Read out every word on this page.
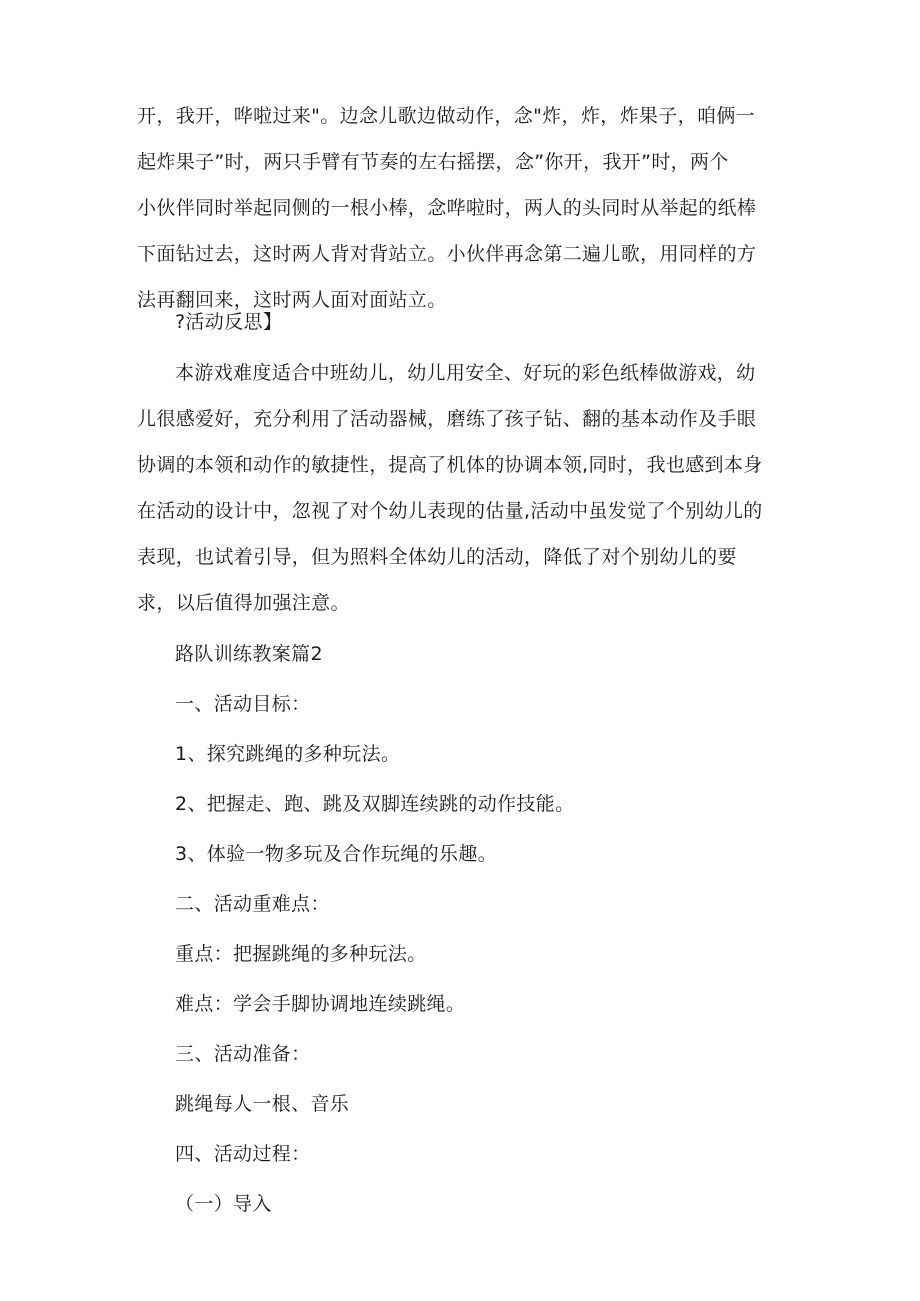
开，我开，哗啦过来"。边念儿歌边做动作，念"炸，炸，炸果子，咱俩一
起炸果子”时，两只手臂有节奏的左右摇摆，念”你开，我开”时，两个
小伙伴同时举起同侧的一根小棒，念哗啦时，两人的头同时从举起的纸棒
下面钻过去，这时两人背对背站立。小伙伴再念第二遍儿歌，用同样的方
法再翻回来，这时两人面对面站立。
?活动反思】
本游戏难度适合中班幼儿，幼儿用安全、好玩的彩色纸棒做游戏，幼
儿很感爱好，充分利用了活动器械，磨练了孩子钻、翻的基本动作及手眼
协调的本领和动作的敏捷性，提高了机体的协调本领,同时，我也感到本身
在活动的设计中，忽视了对个幼儿表现的估量,活动中虽发觉了个别幼儿的
表现，也试着引导，但为照料全体幼儿的活动，降低了对个别幼儿的要
求，以后值得加强注意。
路队训练教案篇2
一、活动目标：
1、探究跳绳的多种玩法。
2、把握走、跑、跳及双脚连续跳的动作技能。
3、体验一物多玩及合作玩绳的乐趣。
二、活动重难点：
重点：把握跳绳的多种玩法。
难点：学会手脚协调地连续跳绳。
三、活动准备：
跳绳每人一根、音乐
四、活动过程：
（一）导入
